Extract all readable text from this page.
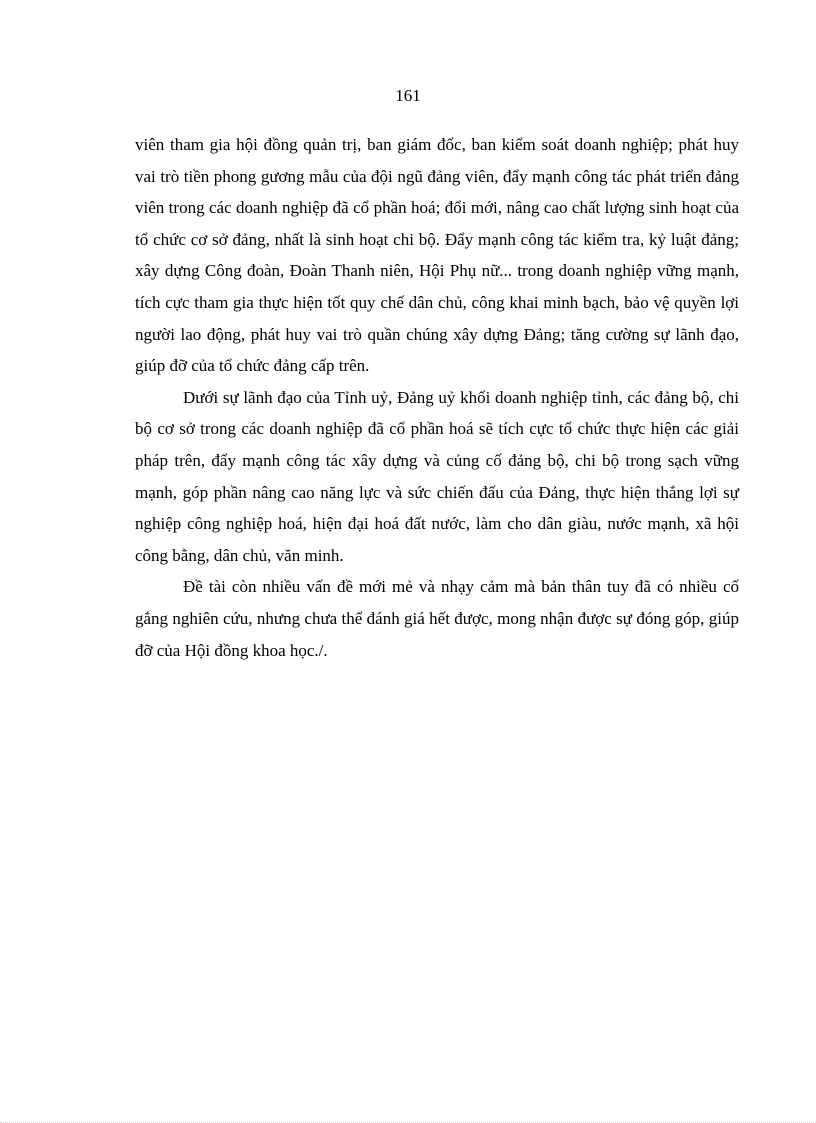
161

viên tham gia hội đồng quản trị, ban giám đốc, ban kiểm soát doanh nghiệp; phát huy vai trò tiền phong gương mẫu của đội ngũ đảng viên, đẩy mạnh công tác phát triển đảng viên trong các doanh nghiệp đã cổ phần hoá; đổi mới, nâng cao chất lượng sinh hoạt của tổ chức cơ sở đảng, nhất là sinh hoạt chi bộ. Đẩy mạnh công tác kiểm tra, kỷ luật đảng; xây dựng Công đoàn, Đoàn Thanh niên, Hội Phụ nữ... trong doanh nghiệp vững mạnh, tích cực tham gia thực hiện tốt quy chế dân chủ, công khai minh bạch, bảo vệ quyền lợi người lao động, phát huy vai trò quần chúng xây dựng Đảng; tăng cường sự lãnh đạo, giúp đỡ của tổ chức đảng cấp trên.

Dưới sự lãnh đạo của Tỉnh uỷ, Đảng uỷ khối doanh nghiệp tỉnh, các đảng bộ, chi bộ cơ sở trong các doanh nghiệp đã cổ phần hoá sẽ tích cực tổ chức thực hiện các giải pháp trên, đẩy mạnh công tác xây dựng và củng cố đảng bộ, chi bộ trong sạch vững mạnh, góp phần nâng cao năng lực và sức chiến đấu của Đảng, thực hiện thắng lợi sự nghiệp công nghiệp hoá, hiện đại hoá đất nước, làm cho dân giàu, nước mạnh, xã hội công bằng, dân chủ, văn minh.

Đề tài còn nhiều vấn đề mới mẻ và nhạy cảm mà bản thân tuy đã có nhiều cố gắng nghiên cứu, nhưng chưa thể đánh giá hết được, mong nhận được sự đóng góp, giúp đỡ của Hội đồng khoa học./.
